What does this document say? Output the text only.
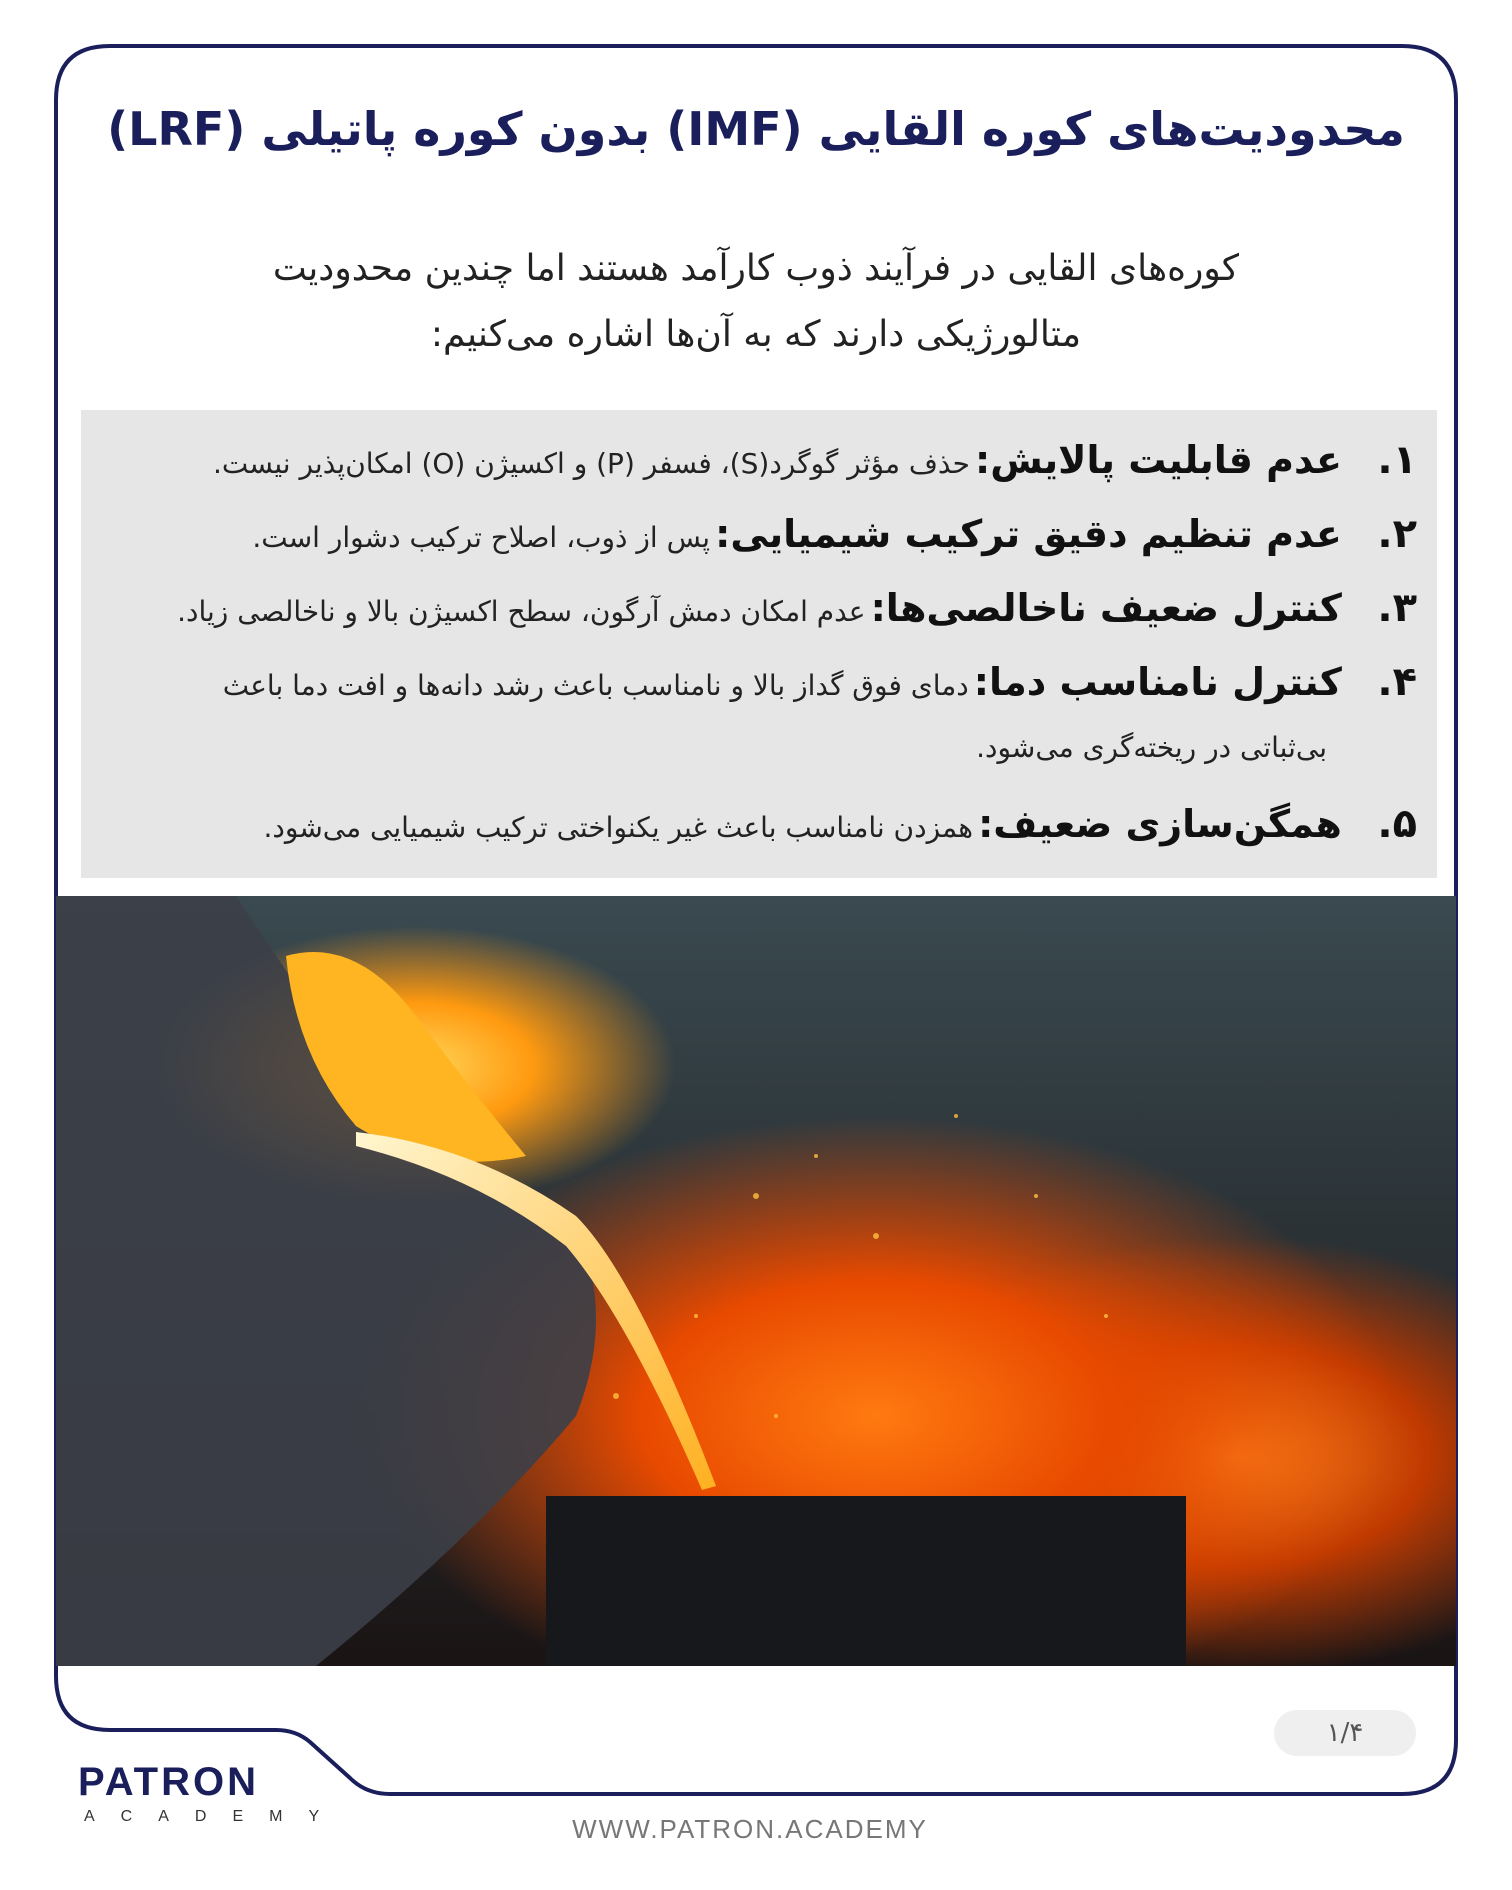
محدودیت‌های کوره القایی (IMF) بدون کوره پاتیلی (LRF)
کوره‌های القایی در فرآیند ذوب کارآمد هستند اما چندین محدودیت
متالورژیکی دارند که به آن‌ها اشاره می‌کنیم:
۱. عدم قابلیت پالایش: حذف مؤثر گوگرد(S)، فسفر (P) و اکسیژن (O) امکان‌پذیر نیست.
۲. عدم تنظیم دقیق ترکیب شیمیایی: پس از ذوب، اصلاح ترکیب دشوار است.
۳. کنترل ضعیف ناخالصی‌ها: عدم امکان دمش آرگون، سطح اکسیژن بالا و ناخالصی زیاد.
۴. کنترل نامناسب دما: دمای فوق گداز بالا و نامناسب باعث رشد دانه‌ها و افت دما باعث
بی‌ثباتی در ریخته‌گری می‌شود.
۵. همگن‌سازی ضعیف: همزدن نامناسب باعث غیر یکنواختی ترکیب شیمیایی می‌شود.
۱/۴
PATRON
ACADEMY	WWW.PATRON.ACADEMY
